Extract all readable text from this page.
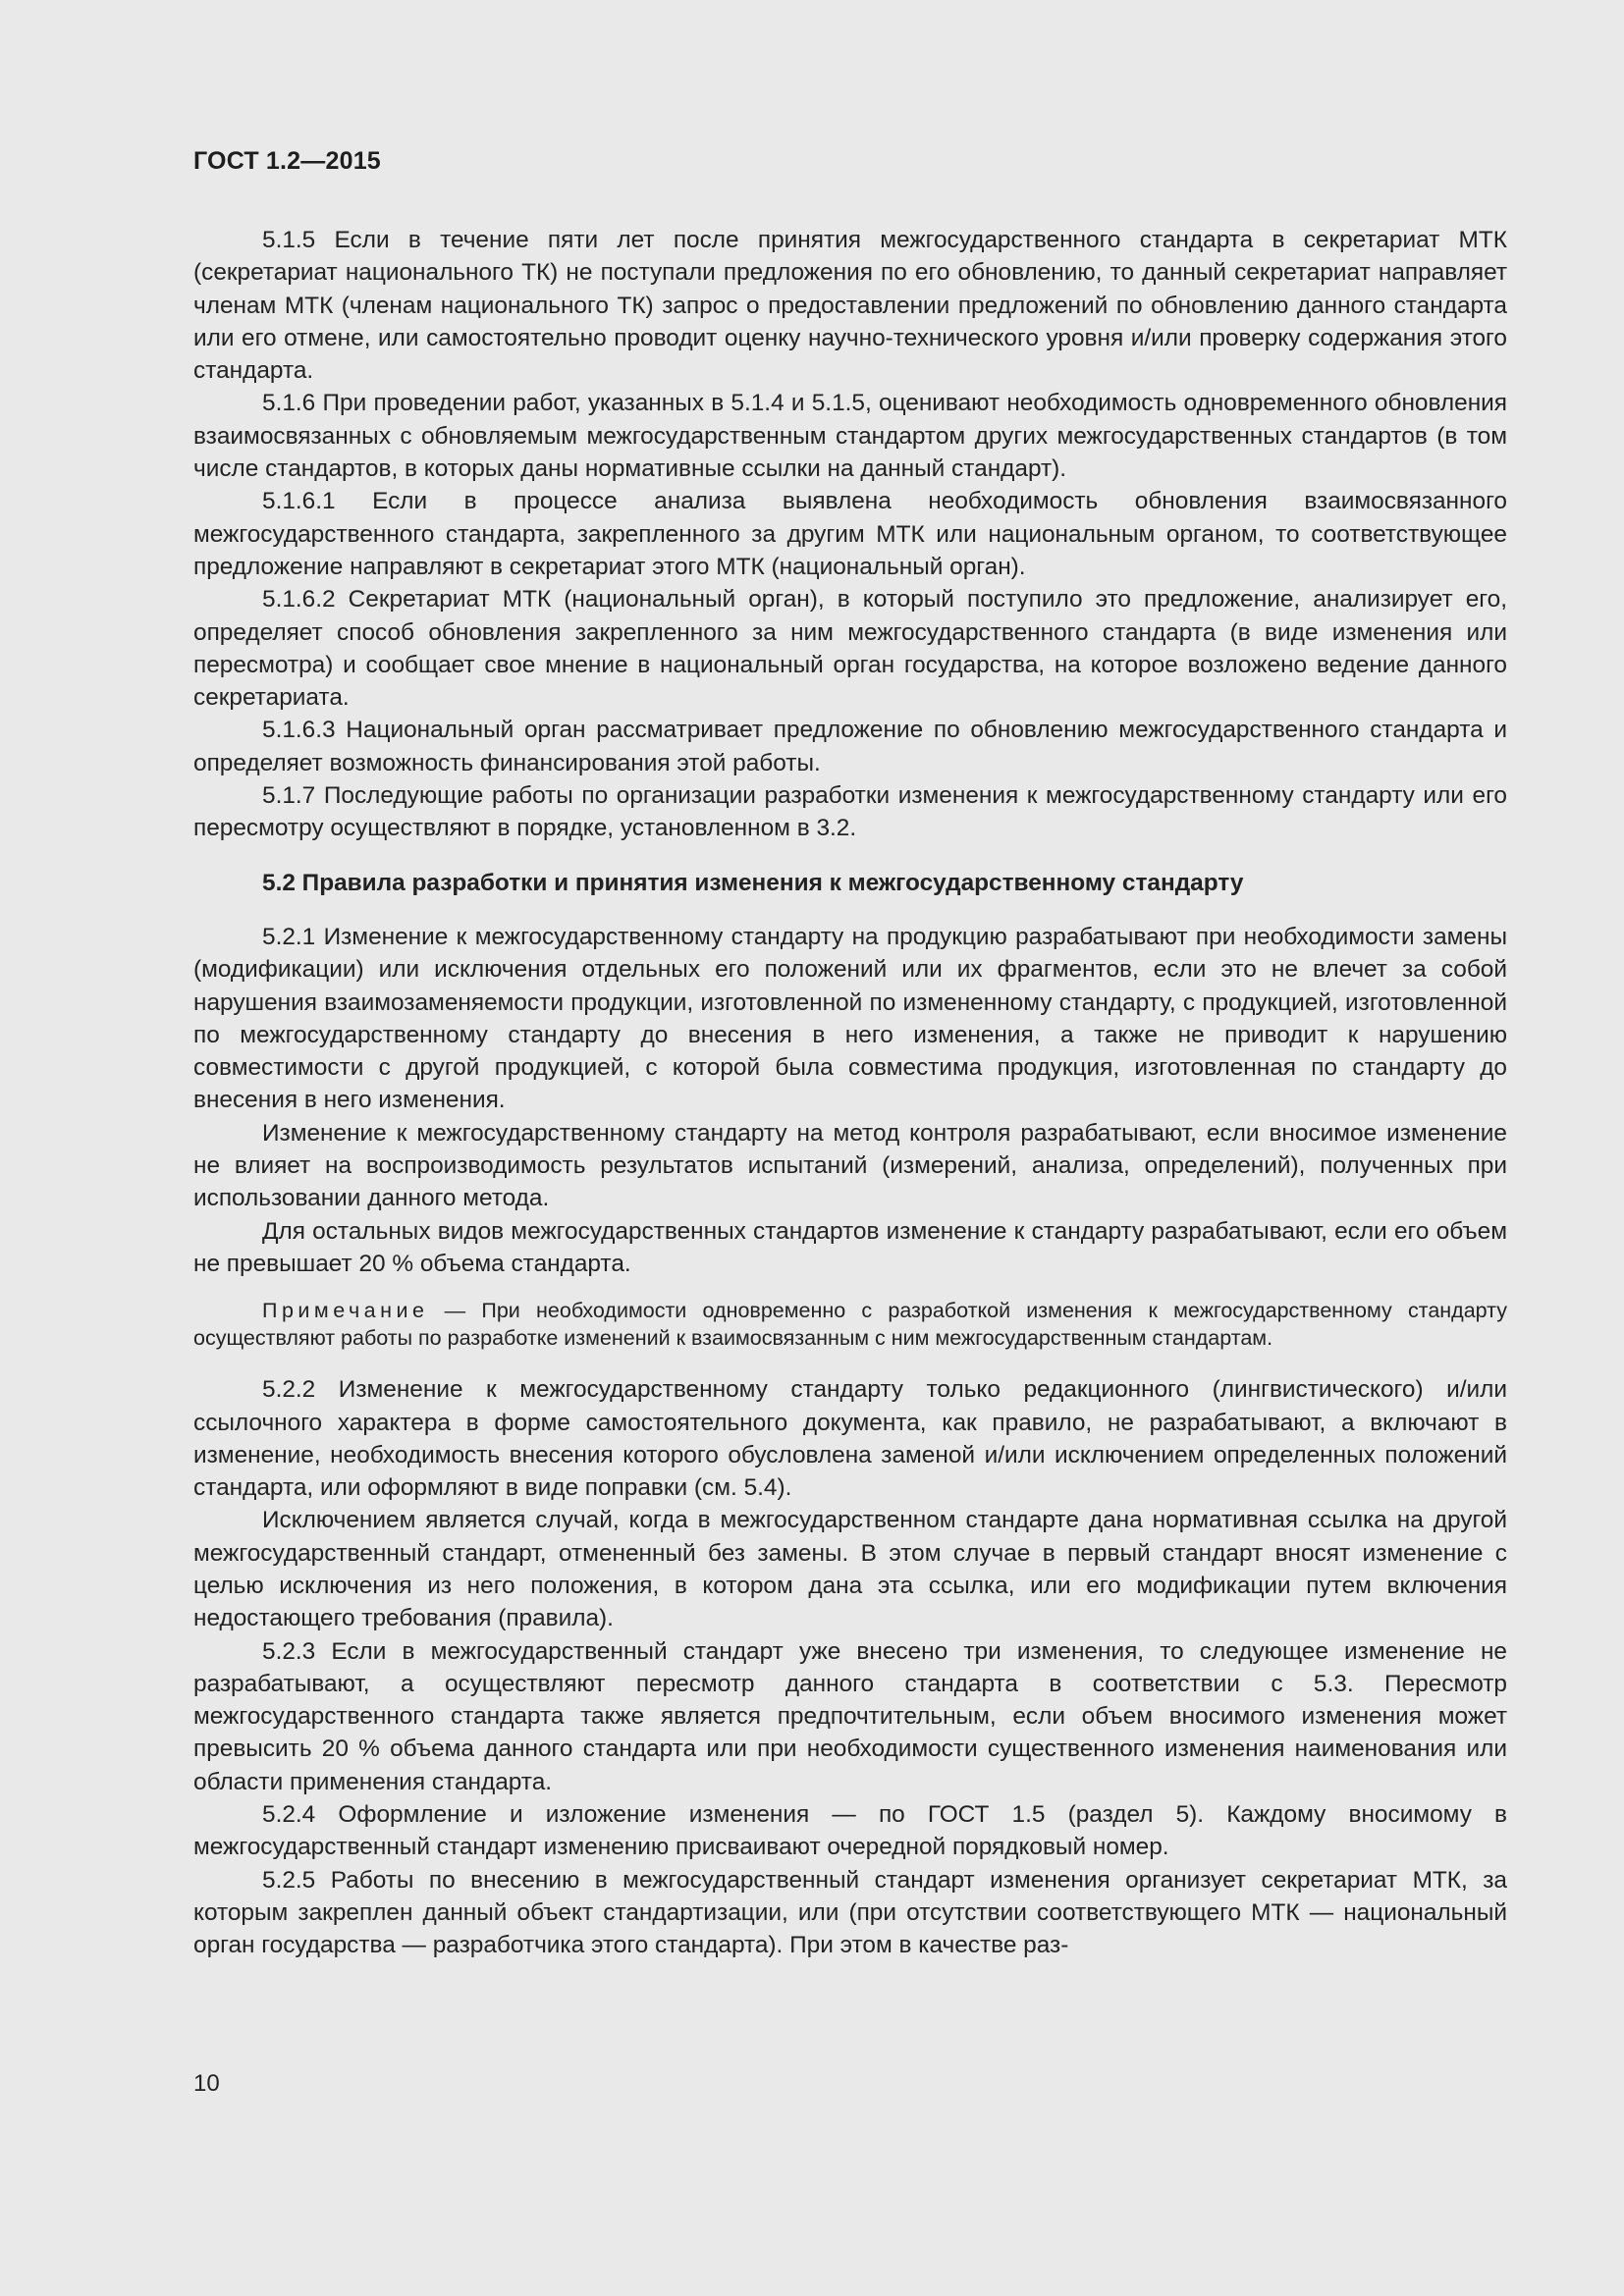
ГОСТ 1.2—2015

5.1.5 Если в течение пяти лет после принятия межгосударственного стандарта в секретариат МТК (секретариат национального ТК) не поступали предложения по его обновлению, то данный секретариат направляет членам МТК (членам национального ТК) запрос о предоставлении предложений по обновлению данного стандарта или его отмене, или самостоятельно проводит оценку научно-технического уровня и/или проверку содержания этого стандарта.

5.1.6 При проведении работ, указанных в 5.1.4 и 5.1.5, оценивают необходимость одновременного обновления взаимосвязанных с обновляемым межгосударственным стандартом других межгосударственных стандартов (в том числе стандартов, в которых даны нормативные ссылки на данный стандарт).

5.1.6.1 Если в процессе анализа выявлена необходимость обновления взаимосвязанного межгосударственного стандарта, закрепленного за другим МТК или национальным органом, то соответствующее предложение направляют в секретариат этого МТК (национальный орган).

5.1.6.2 Секретариат МТК (национальный орган), в который поступило это предложение, анализирует его, определяет способ обновления закрепленного за ним межгосударственного стандарта (в виде изменения или пересмотра) и сообщает свое мнение в национальный орган государства, на которое возложено ведение данного секретариата.

5.1.6.3 Национальный орган рассматривает предложение по обновлению межгосударственного стандарта и определяет возможность финансирования этой работы.

5.1.7 Последующие работы по организации разработки изменения к межгосударственному стандарту или его пересмотру осуществляют в порядке, установленном в 3.2.

5.2 Правила разработки и принятия изменения к межгосударственному стандарту

5.2.1 Изменение к межгосударственному стандарту на продукцию разрабатывают при необходимости замены (модификации) или исключения отдельных его положений или их фрагментов, если это не влечет за собой нарушения взаимозаменяемости продукции, изготовленной по измененному стандарту, с продукцией, изготовленной по межгосударственному стандарту до внесения в него изменения, а также не приводит к нарушению совместимости с другой продукцией, с которой была совместима продукция, изготовленная по стандарту до внесения в него изменения.

Изменение к межгосударственному стандарту на метод контроля разрабатывают, если вносимое изменение не влияет на воспроизводимость результатов испытаний (измерений, анализа, определений), полученных при использовании данного метода.

Для остальных видов межгосударственных стандартов изменение к стандарту разрабатывают, если его объем не превышает 20 % объема стандарта.

Примечание — При необходимости одновременно с разработкой изменения к межгосударственному стандарту осуществляют работы по разработке изменений к взаимосвязанным с ним межгосударственным стандартам.

5.2.2 Изменение к межгосударственному стандарту только редакционного (лингвистического) и/или ссылочного характера в форме самостоятельного документа, как правило, не разрабатывают, а включают в изменение, необходимость внесения которого обусловлена заменой и/или исключением определенных положений стандарта, или оформляют в виде поправки (см. 5.4).

Исключением является случай, когда в межгосударственном стандарте дана нормативная ссылка на другой межгосударственный стандарт, отмененный без замены. В этом случае в первый стандарт вносят изменение с целью исключения из него положения, в котором дана эта ссылка, или его модификации путем включения недостающего требования (правила).

5.2.3 Если в межгосударственный стандарт уже внесено три изменения, то следующее изменение не разрабатывают, а осуществляют пересмотр данного стандарта в соответствии с 5.3. Пересмотр межгосударственного стандарта также является предпочтительным, если объем вносимого изменения может превысить 20 % объема данного стандарта или при необходимости существенного изменения наименования или области применения стандарта.

5.2.4 Оформление и изложение изменения — по ГОСТ 1.5 (раздел 5). Каждому вносимому в межгосударственный стандарт изменению присваивают очередной порядковый номер.

5.2.5 Работы по внесению в межгосударственный стандарт изменения организует секретариат МТК, за которым закреплен данный объект стандартизации, или (при отсутствии соответствующего МТК — национальный орган государства — разработчика этого стандарта). При этом в качестве раз-

10
